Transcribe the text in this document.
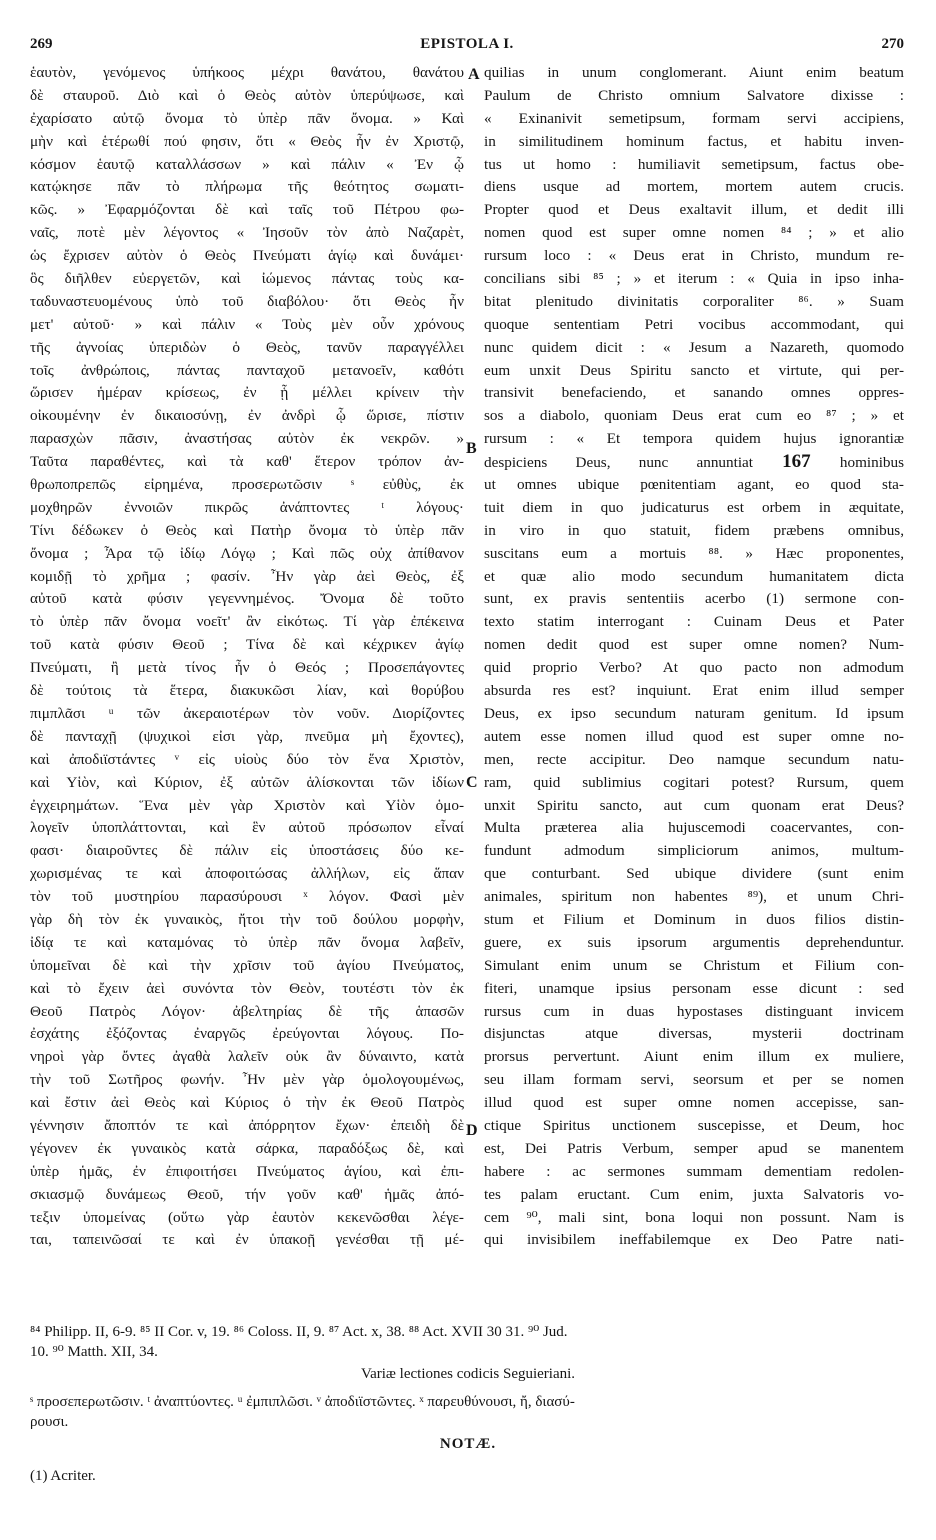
269	EPISTOLA I.	270
ἑαυτὸν, γενόμενος ὑπήκοος μέχρι θανάτου, θανάτου
δὲ σταυροῦ. Διὸ καὶ ὁ Θεὸς αὐτὸν ὑπερύψωσε, καὶ
ἐχαρίσατο αὐτῷ ὄνομα τὸ ὑπὲρ πᾶν ὄνομα. » Καὶ
μὴν καὶ ἑτέρωθί πού φησιν, ὅτι « Θεὸς ἦν ἐν Χριστῷ,
κόσμον ἑαυτῷ καταλλάσσων » καὶ πάλιν « Ἐν ᾧ
κατῴκησε πᾶν τὸ πλήρωμα τῆς θεότητος σωματι-
κῶς. » Ἐφαρμόζονται δὲ καὶ ταῖς τοῦ Πέτρου φω-
ναῖς, ποτὲ μὲν λέγοντος « Ἰησοῦν τὸν ἀπὸ Ναζαρὲτ,
ὡς ἔχρισεν αὐτὸν ὁ Θεὸς Πνεύματι ἁγίῳ καὶ δυνάμει·
ὃς διῆλθεν εὐεργετῶν, καὶ ἰώμενος πάντας τοὺς κα-
ταδυναστευομένους ὑπὸ τοῦ διαβόλου· ὅτι Θεὸς ἦν
μετ' αὐτοῦ· » καὶ πάλιν « Τοὺς μὲν οὖν χρόνους
τῆς ἀγνοίας ὑπεριδὼν ὁ Θεὸς, τανῦν παραγγέλλει
τοῖς ἀνθρώποις, πάντας πανταχοῦ μετανοεῖν, καθότι
ὥρισεν ἡμέραν κρίσεως, ἐν ᾗ μέλλει κρίνειν τὴν
οἰκουμένην ἐν δικαιοσύνῃ, ἐν ἀνδρὶ ᾧ ὥρισε, πίστιν
παρασχὼν πᾶσιν, ἀναστήσας αὐτὸν ἐκ νεκρῶν. »
Ταῦτα παραθέντες, καὶ τὰ καθ' ἕτερον τρόπον ἀν-
θρωποπρεπῶς εἰρημένα, προσερωτῶσιν ˢ εὐθὺς, ἐκ
μοχθηρῶν ἐννοιῶν πικρῶς ἀνάπτοντες ᵗ λόγους·
Τίνι δέδωκεν ὁ Θεὸς καὶ Πατὴρ ὄνομα τὸ ὑπὲρ πᾶν
ὄνομα ; Ἆρα τῷ ἰδίῳ Λόγῳ ; Καὶ πῶς οὐχ ἀπίθανον
κομιδῇ τὸ χρῆμα ; φασίν. Ἦν γὰρ ἀεὶ Θεὸς, ἐξ
αὐτοῦ κατὰ φύσιν γεγεννημένος. Ὄνομα δὲ τοῦτο
τὸ ὑπὲρ πᾶν ὄνομα νοεῖτ' ἂν εἰκότως. Τί γὰρ ἐπέκεινα
τοῦ κατὰ φύσιν Θεοῦ ; Τίνα δὲ καὶ κέχρικεν ἁγίῳ
Πνεύματι, ἢ μετὰ τίνος ἦν ὁ Θεός ; Προσεπάγοντες
δὲ τούτοις τὰ ἕτερα, διακυκῶσι λίαν, καὶ θορύβου
πιμπλᾶσι ᵘ τῶν ἀκεραιοτέρων τὸν νοῦν. Διορίζοντες
δὲ πανταχῇ (ψυχικοὶ εἰσι γὰρ, πνεῦμα μὴ ἔχοντες),
καὶ ἀποδιϊστάντες ᵛ εἰς υἱοὺς δύο τὸν ἕνα Χριστὸν,
καὶ Υἱὸν, καὶ Κύριον, ἐξ αὐτῶν ἁλίσκονται τῶν ἰδίων
ἐγχειρημάτων. Ἕνα μὲν γὰρ Χριστὸν καὶ Υἱὸν ὁμο-
λογεῖν ὑποπλάττονται, καὶ ἓν αὐτοῦ πρόσωπον εἶναί
φασι· διαιροῦντες δὲ πάλιν εἰς ὑποστάσεις δύο κε-
χωρισμένας τε καὶ ἀποφοιτώσας ἀλλήλων, εἰς ἅπαν
τὸν τοῦ μυστηρίου παρασύρουσι ˣ λόγον. Φασὶ μὲν
γὰρ δὴ τὸν ἐκ γυναικὸς, ἤτοι τὴν τοῦ δούλου μορφὴν,
ἰδίᾳ τε καὶ καταμόνας τὸ ὑπὲρ πᾶν ὄνομα λαβεῖν,
ὑπομεῖναι δὲ καὶ τὴν χρῖσιν τοῦ ἁγίου Πνεύματος,
καὶ τὸ ἔχειν ἀεὶ συνόντα τὸν Θεὸν, τουτέστι τὸν ἐκ
Θεοῦ Πατρὸς Λόγον· ἀβελτηρίας δὲ τῆς ἁπασῶν
ἐσχάτης ἐξόζοντας ἐναργῶς ἐρεύγονται λόγους. Πο-
νηροὶ γὰρ ὄντες ἀγαθὰ λαλεῖν οὐκ ἂν δύναιντο, κατὰ
τὴν τοῦ Σωτῆρος φωνήν. Ἦν μὲν γὰρ ὁμολογουμένως,
καὶ ἔστιν ἀεὶ Θεὸς καὶ Κύριος ὁ τὴν ἐκ Θεοῦ Πατρὸς
γέννησιν ἄποπτόν τε καὶ ἀπόρρητον ἔχων· ἐπειδὴ δὲ
γέγονεν ἐκ γυναικὸς κατὰ σάρκα, παραδόξως δὲ, καὶ
ὑπὲρ ἡμᾶς, ἐν ἐπιφοιτήσει Πνεύματος ἁγίου, καὶ ἐπι-
σκιασμῷ δυνάμεως Θεοῦ, τήν γοῦν καθ' ἡμᾶς ἀπό-
τεξιν ὑπομείνας (οὕτω γὰρ ἑαυτὸν κεκενῶσθαι λέγε-
ται, ταπεινῶσαί τε καὶ ἐν ὑπακοῇ γενέσθαι τῇ μέ-
quilias in unum conglomerant. Aiunt enim beatum
Paulum de Christo omnium Salvatore dixisse :
« Exinanivit semetipsum, formam servi accipiens,
in similitudinem hominum factus, et habitu inven-
tus ut homo : humiliavit semetipsum, factus obe-
diens usque ad mortem, mortem autem crucis.
Propter quod et Deus exaltavit illum, et dedit illi
nomen quod est super omne nomen ⁸⁴ ; » et alio
rursum loco : « Deus erat in Christo, mundum re-
concilians sibi ⁸⁵ ; » et iterum : « Quia in ipso inha-
bitat plenitudo divinitatis corporaliter ⁸⁶. » Suam
quoque sententiam Petri vocibus accommodant, qui
nunc quidem dicit : « Jesum a Nazareth, quomodo
eum unxit Deus Spiritu sancto et virtute, qui per-
transivit benefaciendo, et sanando omnes oppres-
sos a diabolo, quoniam Deus erat cum eo ⁸⁷ ; » et
rursum : « Et tempora quidem hujus ignorantiæ
despiciens Deus, nunc annuntiat 167 hominibus
ut omnes ubique pœnitentiam agant, eo quod sta-
tuit diem in quo judicaturus est orbem in æquitate,
in viro in quo statuit, fidem præbens omnibus,
suscitans eum a mortuis ⁸⁸. » Hæc proponentes,
et quæ alio modo secundum humanitatem dicta
sunt, ex pravis sententiis acerbo (1) sermone con-
texto statim interrogant : Cuinam Deus et Pater
nomen dedit quod est super omne nomen? Num-
quid proprio Verbo? At quo pacto non admodum
absurda res est? inquiunt. Erat enim illud semper
Deus, ex ipso secundum naturam genitum. Id ipsum
autem esse nomen illud quod est super omne no-
men, recte accipitur. Deo namque secundum natu-
ram, quid sublimius cogitari potest? Rursum, quem
unxit Spiritu sancto, aut cum quonam erat Deus?
Multa præterea alia hujuscemodi coacervantes, con-
fundunt admodum simpliciorum animos, multum-
que conturbant. Sed ubique dividere (sunt enim
animales, spiritum non habentes ⁸⁹), et unum Chri-
stum et Filium et Dominum in duos filios distin-
guere, ex suis ipsorum argumentis deprehenduntur.
Simulant enim unum se Christum et Filium con-
fiteri, unamque ipsius personam esse dicunt : sed
rursus cum in duas hypostases distinguant invicem
disjunctas atque diversas, mysterii doctrinam
prorsus pervertunt. Aiunt enim illum ex muliere,
seu illam formam servi, seorsum et per se nomen
illud quod est super omne nomen accepisse, san-
ctique Spiritus unctionem suscepisse, et Deum, hoc
est, Dei Patris Verbum, semper apud se manentem
habere : ac sermones summam dementiam redolen-
tes palam eructant. Cum enim, juxta Salvatoris vo-
cem ⁹⁰, mali sint, bona loqui non possunt. Nam is
qui invisibilem ineffabilemque ex Deo Patre nati-
A
B
C
D
⁸⁴ Philipp. II, 6-9. ⁸⁵ II Cor. v, 19. ⁸⁶ Coloss. II, 9. ⁸⁷ Act. x, 38. ⁸⁸ Act. XVII 30 31. ⁹⁰ Jud.
10. ⁹⁰ Matth. XII, 34.
Variæ lectiones codicis Seguieriani.
ˢ προσεπερωτῶσιν. ᵗ ἀναπτύοντες. ᵘ ἐμπιπλῶσι. ᵛ ἀποδιϊστῶντες. ˣ παρευθύνουσι, ἤ, διασύ-
ρουσι.
NOTÆ.
(1) Acriter.
